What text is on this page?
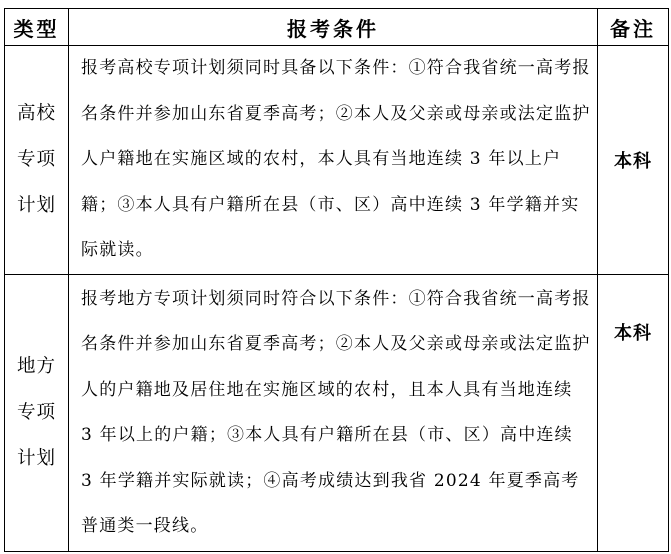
类型	报考条件	备注
高校专项计划	报考高校专项计划须同时具备以下条件：①符合我省统一高考报名条件并参加山东省夏季高考；②本人及父亲或母亲或法定监护人户籍地在实施区域的农村，本人具有当地连续 3 年以上户籍；③本人具有户籍所在县（市、区）高中连续 3 年学籍并实际就读。	本科

地方专项计划	报考地方专项计划须同时符合以下条件：①符合我省统一高考报名条件并参加山东省夏季高考；②本人及父亲或母亲或法定监护人的户籍地及居住地在实施区域的农村，且本人具有当地连续 3 年以上的户籍；③本人具有户籍所在县（市、区）高中连续 3 年学籍并实际就读；④高考成绩达到我省 2024 年夏季高考普通类一段线。	本科
